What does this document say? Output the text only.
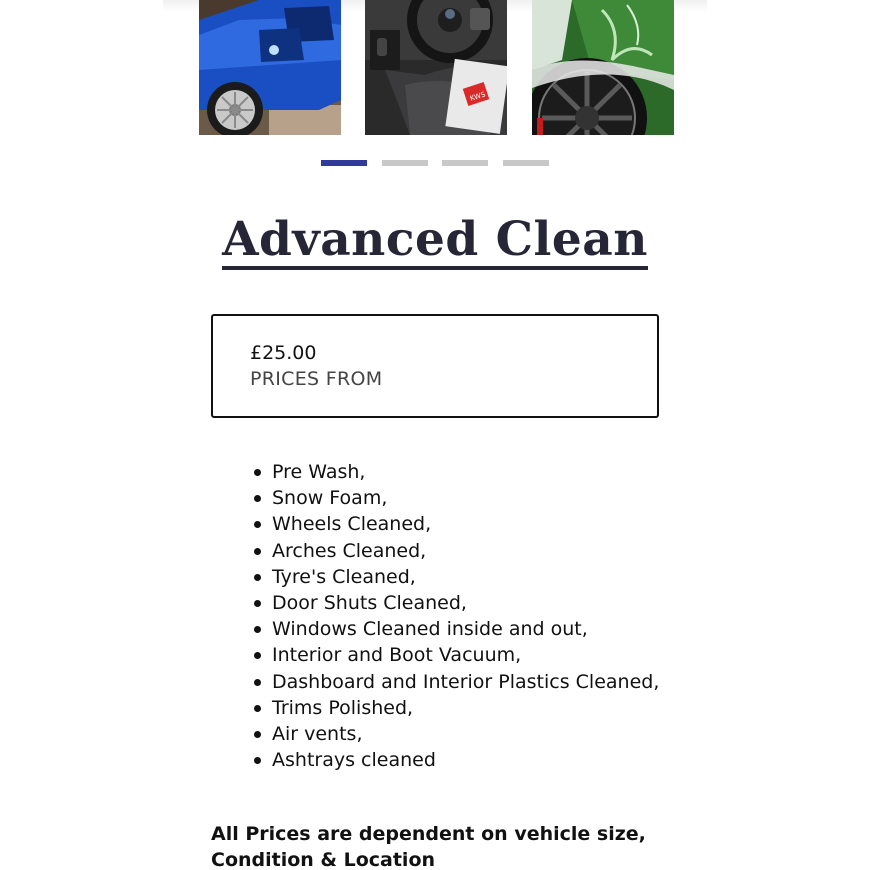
KWS
Advanced Clean
£25.00
PRICES FROM
Pre Wash,
Snow Foam,
Wheels Cleaned,
Arches Cleaned,
Tyre's Cleaned,
Door Shuts Cleaned,
Windows Cleaned inside and out,
Interior and Boot Vacuum,
Dashboard and Interior Plastics Cleaned,
Trims Polished,
Air vents,
Ashtrays cleaned

All Prices are dependent on vehicle size,
Condition & Location
